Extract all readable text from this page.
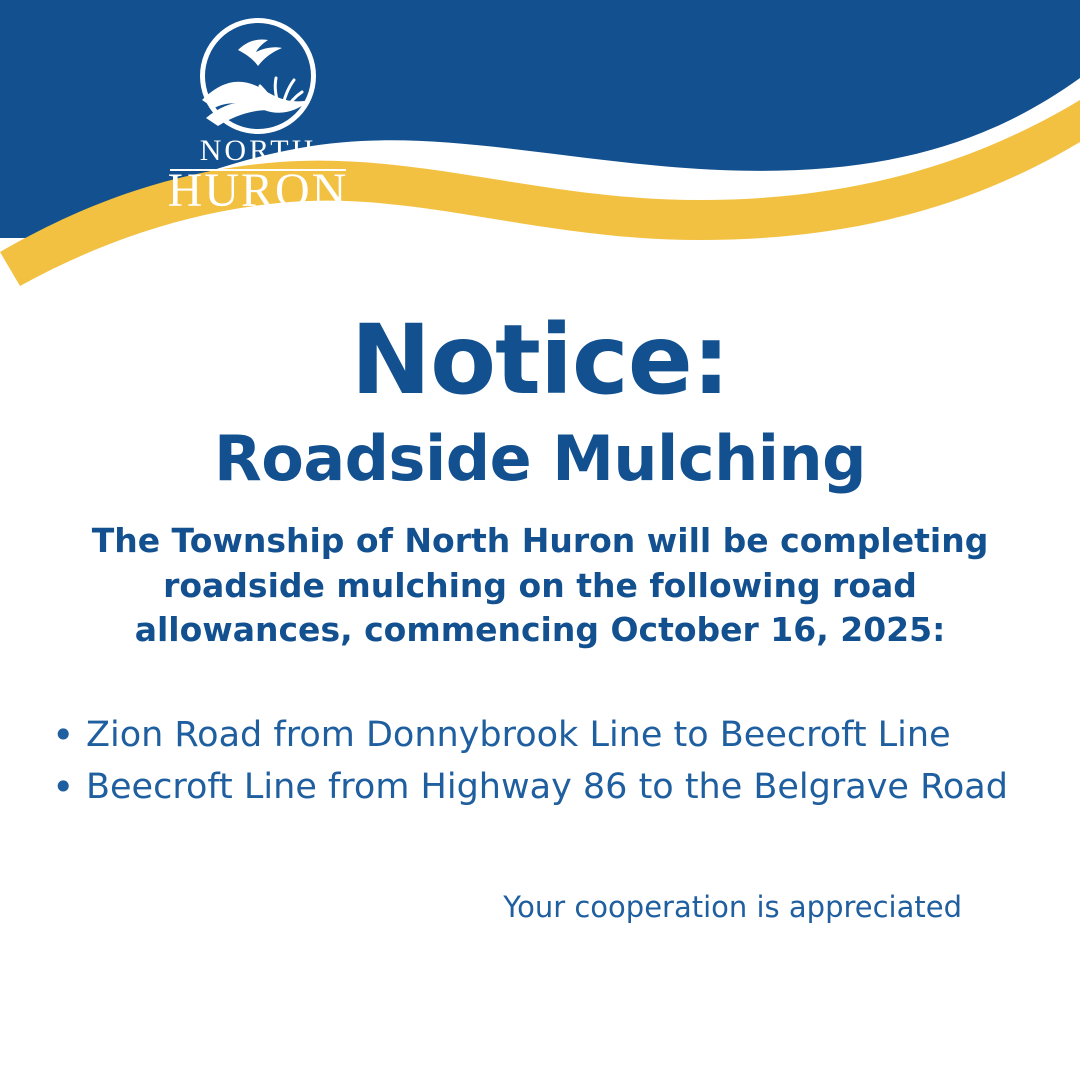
NORTH
HURON
Notice:
Roadside Mulching

The Township of North Huron will be completing roadside mulching on the following road allowances, commencing October 16, 2025:

• Zion Road from Donnybrook Line to Beecroft Line
• Beecroft Line from Highway 86 to the Belgrave Road

Your cooperation is appreciated
